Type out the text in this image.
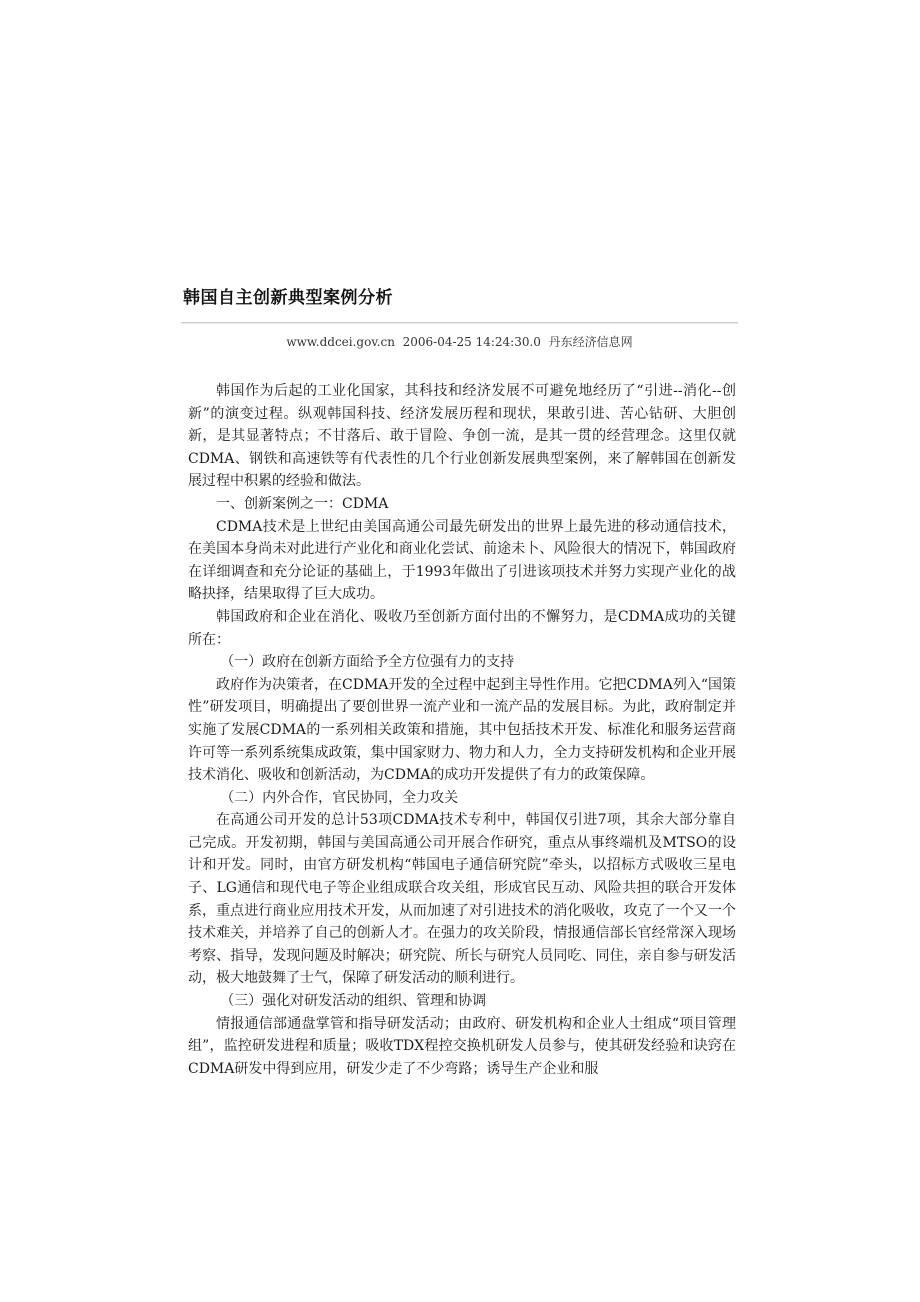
韩国自主创新典型案例分析
www.ddcei.gov.cn 2006-04-25 14:24:30.0 丹东经济信息网

韩国作为后起的工业化国家，其科技和经济发展不可避免地经历了“引进--消化--创新”的演变过程。纵观韩国科技、经济发展历程和现状，果敢引进、苦心钻研、大胆创新，是其显著特点；不甘落后、敢于冒险、争创一流，是其一贯的经营理念。这里仅就CDMA、钢铁和高速铁等有代表性的几个行业创新发展典型案例，来了解韩国在创新发展过程中积累的经验和做法。

一、创新案例之一：CDMA

CDMA技术是上世纪由美国高通公司最先研发出的世界上最先进的移动通信技术，在美国本身尚未对此进行产业化和商业化尝试、前途未卜、风险很大的情况下，韩国政府在详细调查和充分论证的基础上，于1993年做出了引进该项技术并努力实现产业化的战略抉择，结果取得了巨大成功。

韩国政府和企业在消化、吸收乃至创新方面付出的不懈努力，是CDMA成功的关键所在：

（一）政府在创新方面给予全方位强有力的支持

政府作为决策者，在CDMA开发的全过程中起到主导性作用。它把CDMA列入“国策性”研发项目，明确提出了要创世界一流产业和一流产品的发展目标。为此，政府制定并实施了发展CDMA的一系列相关政策和措施，其中包括技术开发、标准化和服务运营商许可等一系列系统集成政策，集中国家财力、物力和人力，全力支持研发机构和企业开展技术消化、吸收和创新活动，为CDMA的成功开发提供了有力的政策保障。

（二）内外合作，官民协同，全力攻关

在高通公司开发的总计53项CDMA技术专利中，韩国仅引进7项，其余大部分靠自己完成。开发初期，韩国与美国高通公司开展合作研究，重点从事终端机及MTSO的设计和开发。同时，由官方研发机构“韩国电子通信研究院”牵头，以招标方式吸收三星电子、LG通信和现代电子等企业组成联合攻关组，形成官民互动、风险共担的联合开发体系，重点进行商业应用技术开发，从而加速了对引进技术的消化吸收，攻克了一个又一个技术难关，并培养了自己的创新人才。在强力的攻关阶段，情报通信部长官经常深入现场考察、指导，发现问题及时解决；研究院、所长与研究人员同吃、同住，亲自参与研发活动，极大地鼓舞了士气，保障了研发活动的顺利进行。

（三）强化对研发活动的组织、管理和协调

情报通信部通盘掌管和指导研发活动；由政府、研发机构和企业人士组成“项目管理组”，监控研发进程和质量；吸收TDX程控交换机研发人员参与，使其研发经验和诀窍在CDMA研发中得到应用，研发少走了不少弯路；诱导生产企业和服
